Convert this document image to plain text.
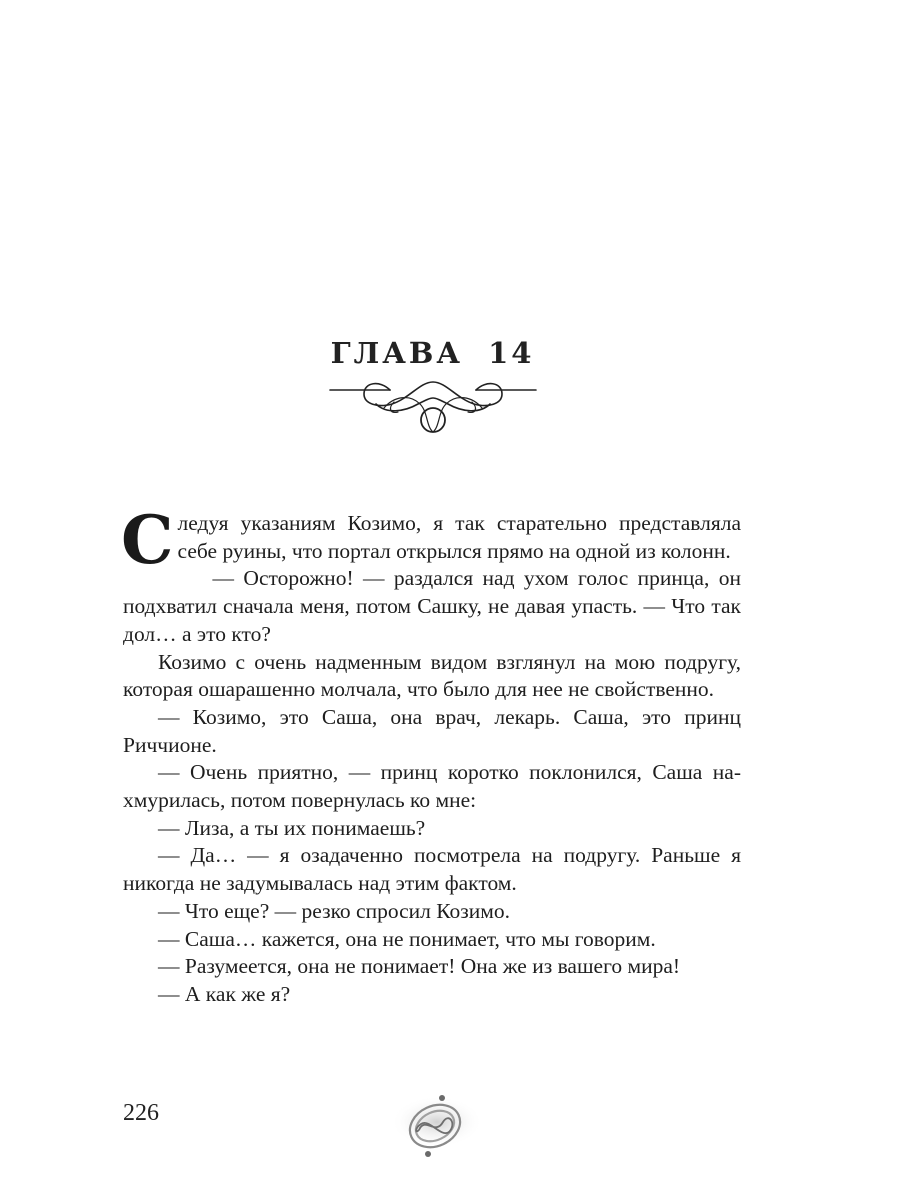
ГЛАВА 14

Следуя указаниям Козимо, я так старательно представляла себе руины, что портал открылся прямо на одной из колонн.

— Осторожно! — раздался над ухом голос принца, он подхватил сначала меня, потом Сашку, не давая упасть. — Что так дол… а это кто?

Козимо с очень надменным видом взглянул на мою подругу, которая ошарашенно молчала, что было для нее не свойственно.

— Козимо, это Саша, она врач, лекарь. Саша, это принц Риччионе.

— Очень приятно, — принц коротко поклонился, Саша нахмурилась, потом повернулась ко мне:

— Лиза, а ты их понимаешь?

— Да… — я озадаченно посмотрела на подругу. Раньше я никогда не задумывалась над этим фактом.

— Что еще? — резко спросил Козимо.

— Саша… кажется, она не понимает, что мы говорим.

— Разумеется, она не понимает! Она же из вашего мира!

— А как же я?

226
